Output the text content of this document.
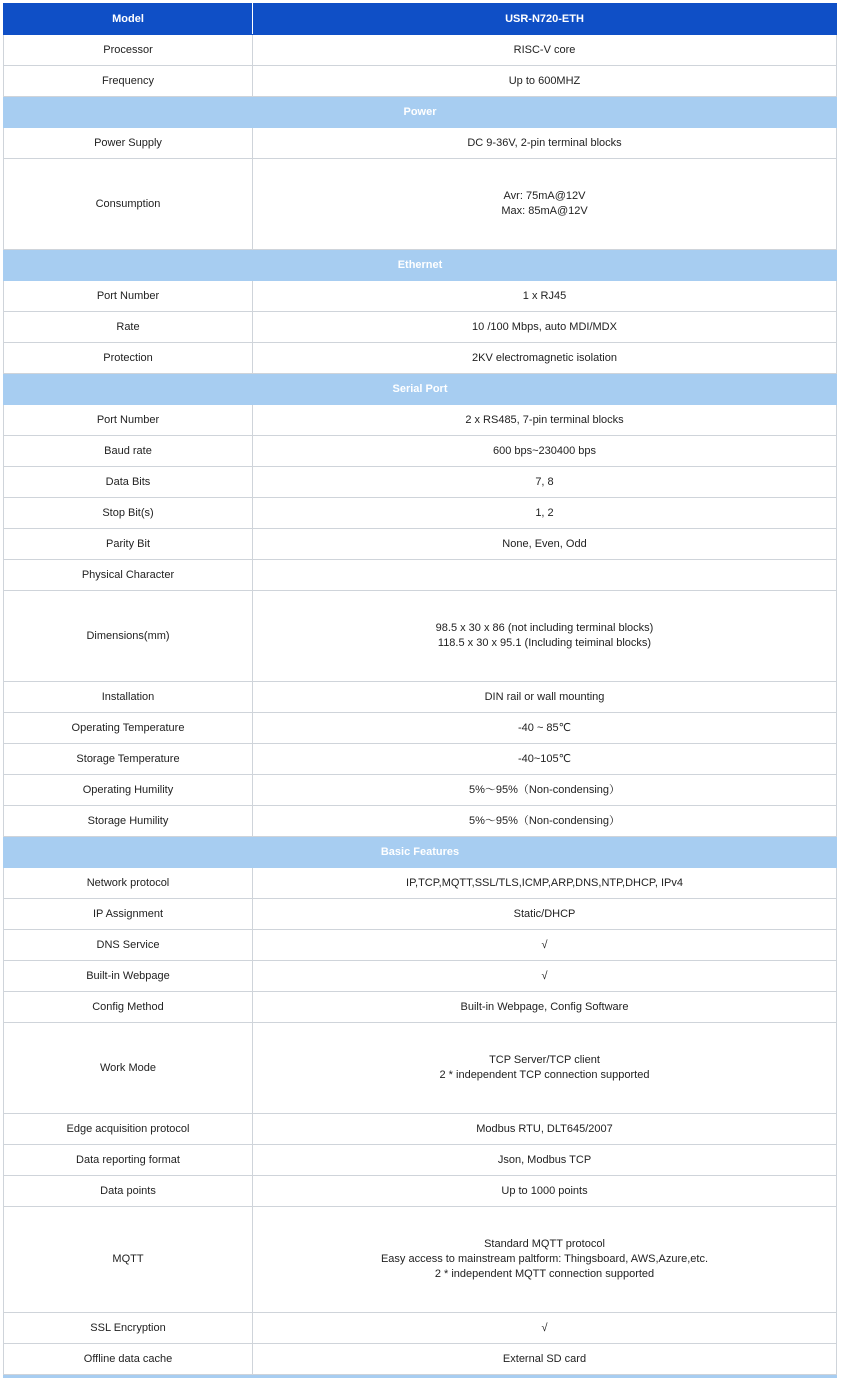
Model	USR-N720-ETH
Processor	RISC-V core

Frequency	Up to 600MHZ

Power	
Power Supply	DC 9-36V, 2-pin terminal blocks

Consumption	Avr: 75mA@12V
Max: 85mA@12V

Ethernet	
Port Number	1 x RJ45

Rate	10 /100 Mbps, auto MDI/MDX

Protection	2KV electromagnetic isolation

Serial Port	
Port Number	2 x RS485, 7-pin terminal blocks

Baud rate	600 bps~230400 bps

Data Bits	7, 8

Stop Bit(s)	1, 2

Parity Bit	None, Even, Odd

Physical Character	
Dimensions(mm)	98.5 x 30 x 86 (not including terminal blocks)
118.5 x 30 x 95.1 (Including teiminal blocks)

Installation	DIN rail or wall mounting

Operating Temperature	-40 ~ 85℃

Storage Temperature	-40~105℃

Operating Humility	5%～95%（Non-condensing）

Storage Humility	5%～95%（Non-condensing）

Basic Features	
Network protocol	IP,TCP,MQTT,SSL/TLS,ICMP,ARP,DNS,NTP,DHCP, IPv4

IP Assignment	Static/DHCP

DNS Service	√

Built-in Webpage	√

Config Method	Built-in Webpage, Config Software

Work Mode	TCP Server/TCP client
2 * independent TCP connection supported

Edge acquisition protocol	Modbus RTU, DLT645/2007

Data reporting format	Json, Modbus TCP

Data points	Up to 1000 points

MQTT	Standard MQTT protocol
Easy access to mainstream paltform: Thingsboard, AWS,Azure,etc.
2 * independent MQTT connection supported

SSL Encryption	√

Offline data cache	External SD card
